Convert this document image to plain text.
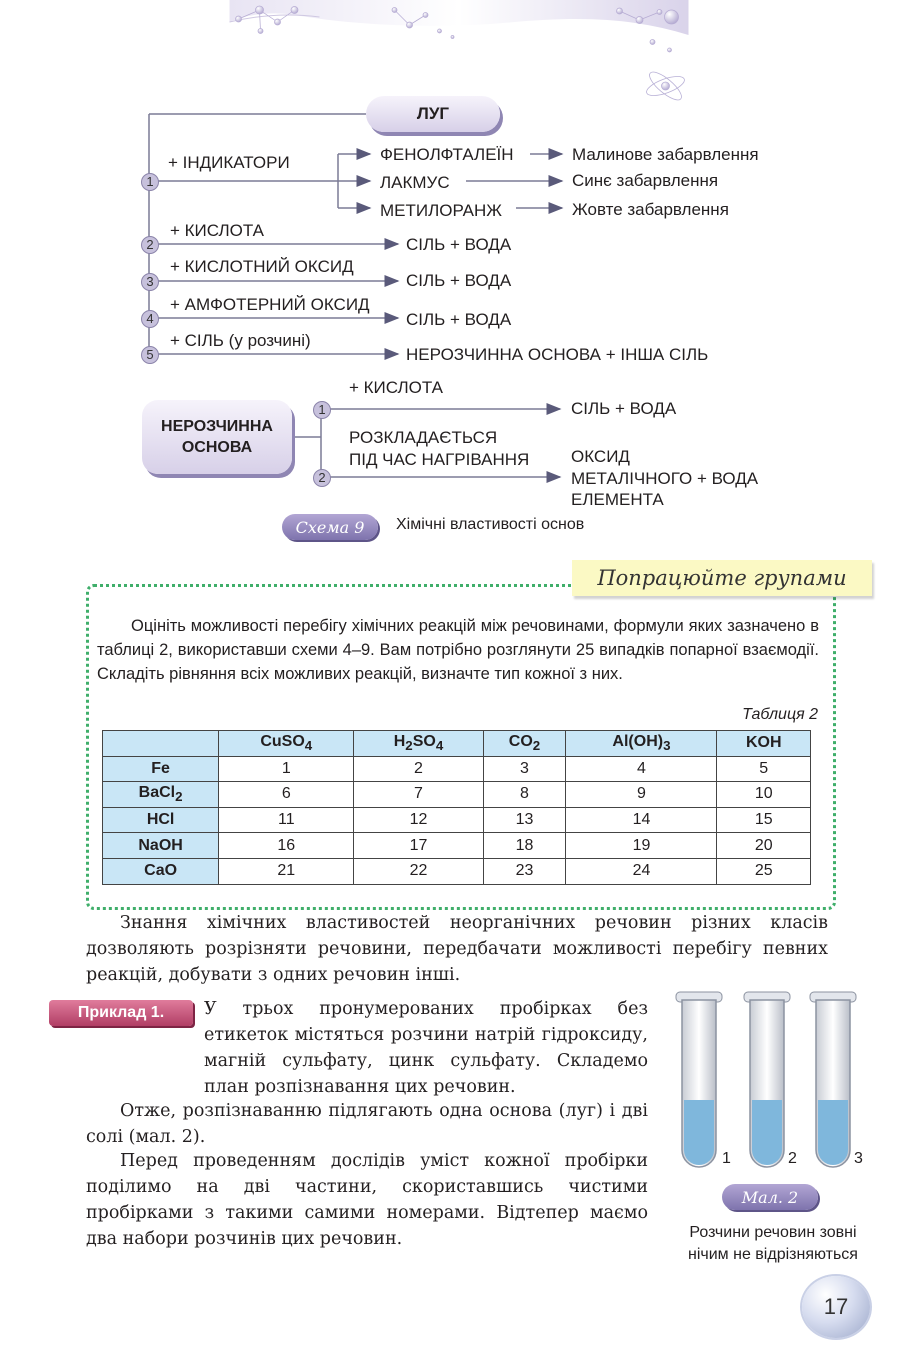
ЛУГ
1
2
3
4
5
+ ІНДИКАТОРИ	ФЕНОЛФТАЛЕЇН
ЛАКМУС
МЕТИЛОРАНЖ
Малинове забарвлення
Синє забарвлення
Жовте забарвлення
+ КИСЛОТА
+ КИСЛОТНИЙ ОКСИД
+ АМФОТЕРНИЙ ОКСИД
+ СІЛЬ (у розчині)
СІЛЬ + ВОДА
СІЛЬ + ВОДА
СІЛЬ + ВОДА
НЕРОЗЧИННА ОСНОВА + ІНША СІЛЬ
НЕРОЗЧИННА
ОСНОВА
1
2
+ КИСЛОТА
СІЛЬ + ВОДА
РОЗКЛАДАЄТЬСЯ
ПІД ЧАС НАГРІВАННЯ ОКСИД
МЕТАЛІЧНОГО + ВОДА
ЕЛЕМЕНТА
Схема 9	Хімічні властивості основ
Попрацюйте групами
Оцініть можливості перебігу хімічних реакцій між речовинами, формули яких зазначено в таблиці 2, використавши схеми 4–9. Вам потрібно розглянути 25 випадків попарної взаємодії. Складіть рівняння всіх можливих реакцій, визначте тип кожної з них.
Таблиця 2
	CuSO$_4$	$H_2SO_4$	$CO_2$	$Al(OH)_3$	KOH
Fe	1	2	3	4	5
BaCl$_2$	6	7	8	9	10
HCl	11	12	13	14	15
NaOH	16	17	18	19	20
CaO	21	22	23	24	25
Знання хімічних властивостей неорганічних речовин різних класів дозволяють розрізняти речовини, передбачати можливості перебігу певних реакцій, добувати з одних речовин інші.
Приклад 1.	У трьох пронумерованих пробірках без етикеток містяться розчини натрій гідроксиду, магній сульфату, цинк сульфату. Складемо план розпізнавання цих речовин.
Отже, розпізнаванню підлягають одна основа (луг) і дві солі (мал. 2).
Перед проведенням дослідів уміст кожної пробірки поділимо на дві частини, скориставшись чистими пробірками з такими самими номерами. Відтепер маємо два набори розчинів цих речовин.
1	2	3
Мал. 2
Розчини речовин зовні
нічим не відрізняються
17
